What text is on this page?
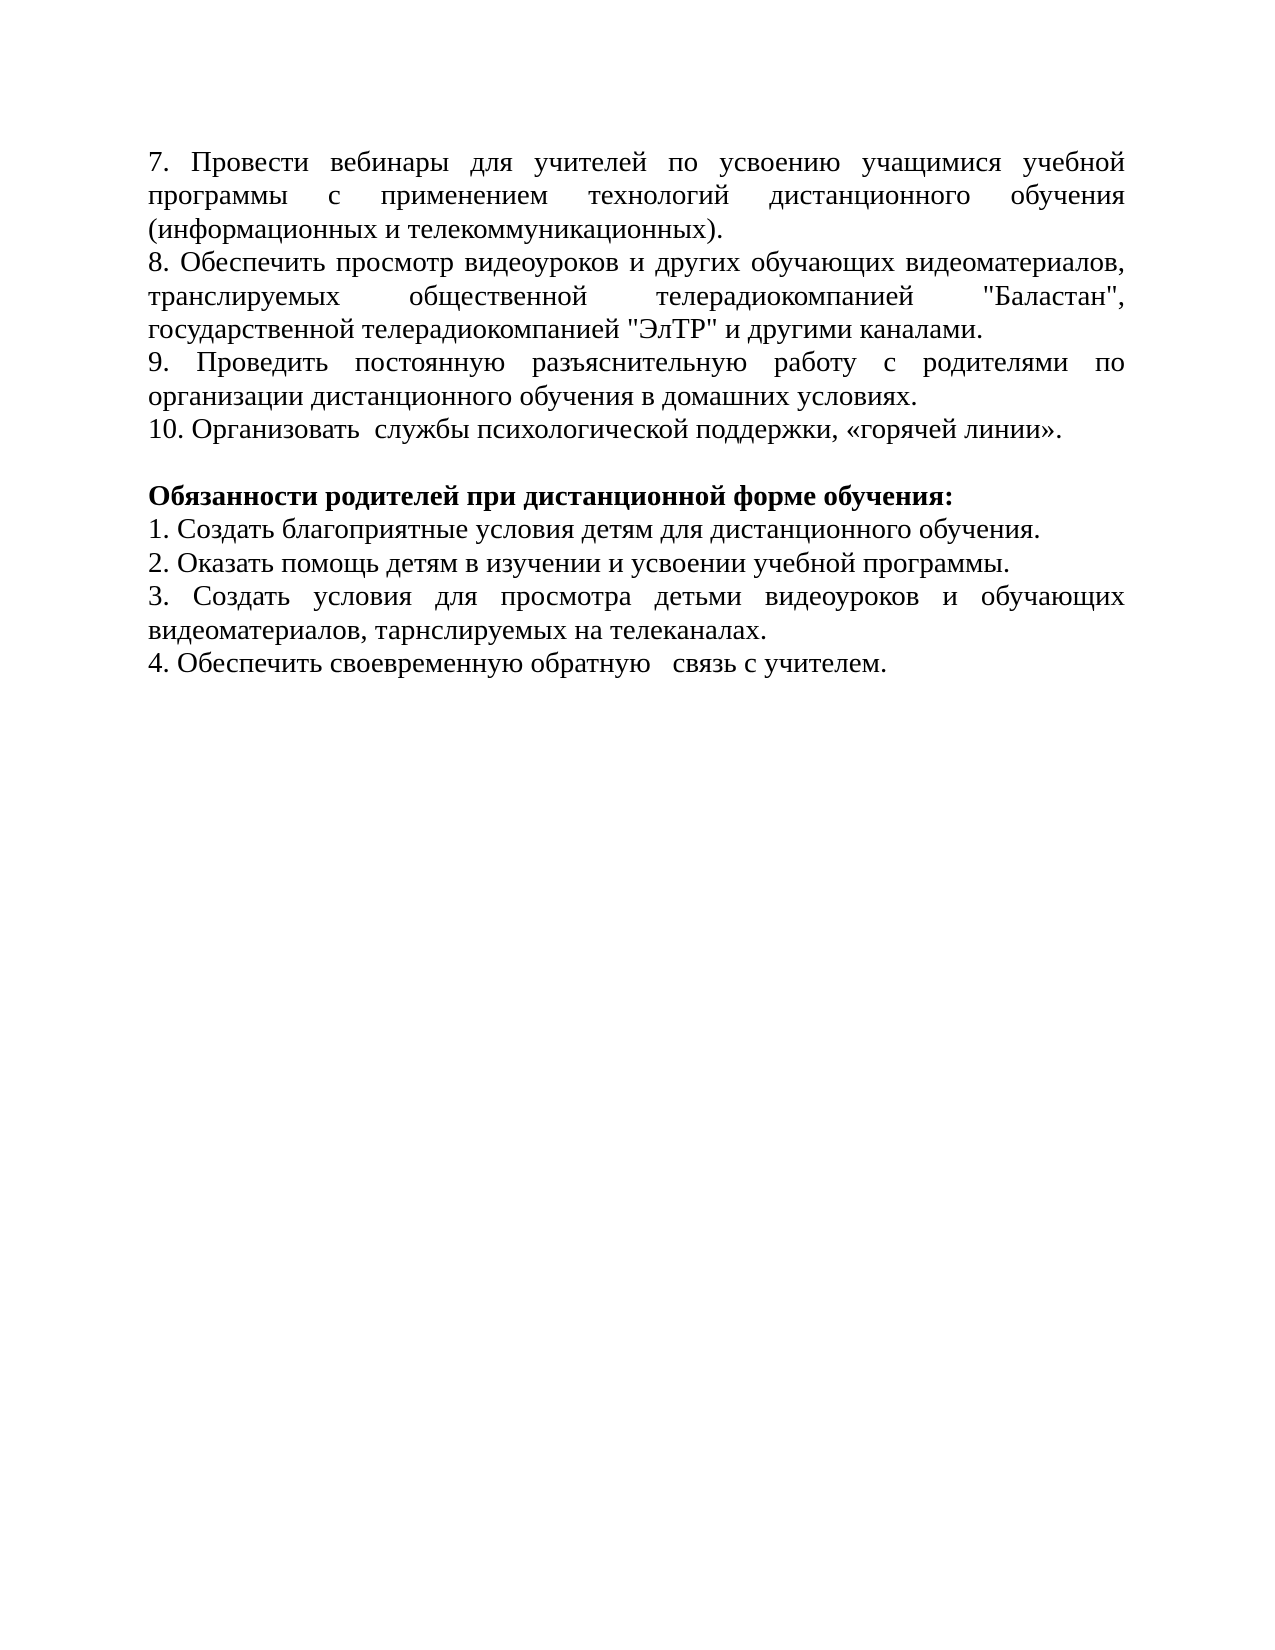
7. Провести вебинары для учителей по усвоению учащимися учебной
программы с применением технологий дистанционного обучения
(информационных и телекоммуникационных).
8. Обеспечить просмотр видеоуроков и других обучающих видеоматериалов,
транслируемых общественной телерадиокомпанией "Баластан",
государственной телерадиокомпанией "ЭлТР" и другими каналами.
9. Проведить постоянную разъяснительную работу с родителями по
организации дистанционного обучения в домашних условиях.
10. Организовать  службы психологической поддержки, «горячей линии».
Обязанности родителей при дистанционной форме обучения:
1. Создать благоприятные условия детям для дистанционного обучения.
2. Оказать помощь детям в изучении и усвоении учебной программы.
3. Создать условия для просмотра детьми видеоуроков и обучающих
видеоматериалов, тарнслируемых на телеканалах.
4. Обеспечить своевременную обратную   связь с учителем.
